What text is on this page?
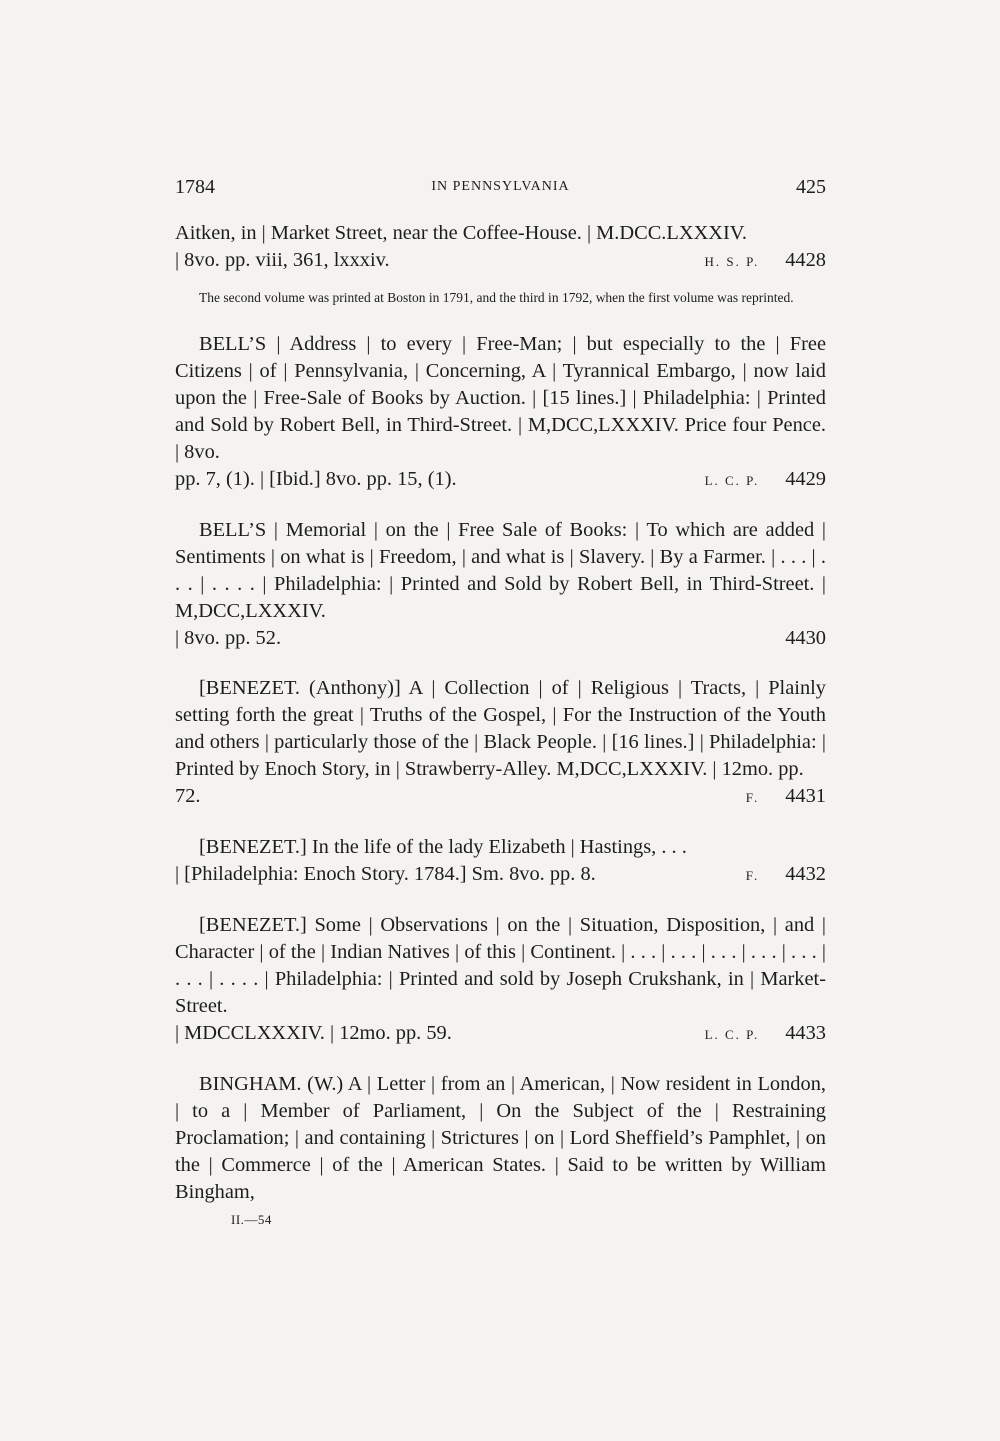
1784	IN PENNSYLVANIA	425
Aitken, in | Market Street, near the Coffee-House. | M.DCC.LXXXIV.
| 8vo. pp. viii, 361, lxxxiv.	H. S. P. 4428

The second volume was printed at Boston in 1791, and the third in 1792, when the first volume was reprinted.

BELL’S | Address | to every | Free-Man; | but especially to the | Free Citizens | of | Pennsylvania, | Concerning, A | Tyrannical Embargo, | now laid upon the | Free-Sale of Books by Auction. | [15 lines.] | Philadelphia: | Printed and Sold by Robert Bell, in Third-Street. | M,DCC,LXXXIV. Price four Pence. | 8vo.
pp. 7, (1). | [Ibid.] 8vo. pp. 15, (1).	L. C. P. 4429
BELL’S | Memorial | on the | Free Sale of Books: | To which are added | Sentiments | on what is | Freedom, | and what is | Slavery. | By a Farmer. | . . . | . . . | . . . . | Philadelphia: | Printed and Sold by Robert Bell, in Third-Street. | M,DCC,LXXXIV.
| 8vo. pp. 52.	4430
[BENEZET. (Anthony)] A | Collection | of | Religious | Tracts, | Plainly setting forth the great | Truths of the Gospel, | For the Instruction of the Youth and others | particularly those of the | Black People. | [16 lines.] | Philadelphia: | Printed by Enoch Story, in | Strawberry-Alley. M,DCC,LXXXIV. | 12mo. pp.
72.	F. 4431
[BENEZET.] In the life of the lady Elizabeth | Hastings, . . .
| [Philadelphia: Enoch Story. 1784.] Sm. 8vo. pp. 8.	F. 4432
[BENEZET.] Some | Observations | on the | Situation, Disposition, | and | Character | of the | Indian Natives | of this | Continent. | . . . | . . . | . . . | . . . | . . . | . . . | . . . . | Philadelphia: | Printed and sold by Joseph Crukshank, in | Market-Street.
| MDCCLXXXIV. | 12mo. pp. 59.	L. C. P. 4433
BINGHAM. (W.) A | Letter | from an | American, | Now resident in London, | to a | Member of Parliament, | On the Subject of the | Restraining Proclamation; | and containing | Strictures | on | Lord Sheffield’s Pamphlet, | on the | Commerce | of the | American States. | Said to be written by William Bingham,
II.—54
